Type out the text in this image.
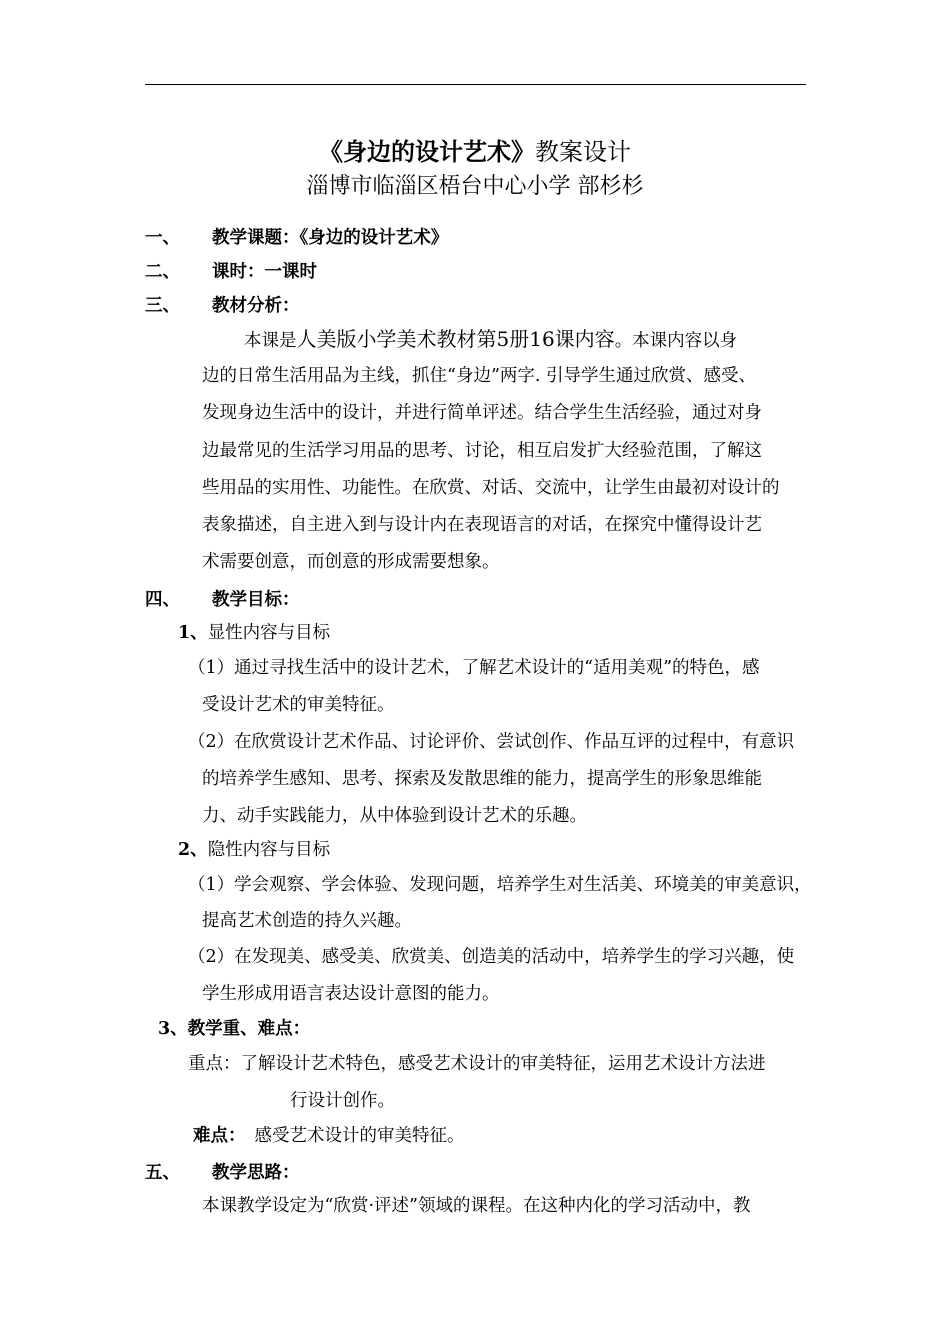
《身边的设计艺术》教案设计
淄博市临淄区梧台中心小学 部杉杉
一、 教学课题：《身边的设计艺术》
二、 课时：一课时
三、 教材分析：
本课是人美版小学美术教材第5册16课内容。本课内容以身
边的日常生活用品为主线，抓住“身边”两字. 引导学生通过欣赏、感受、
发现身边生活中的设计，并进行简单评述。结合学生生活经验，通过对身
边最常见的生活学习用品的思考、讨论，相互启发扩大经验范围，了解这
些用品的实用性、功能性。在欣赏、对话、交流中，让学生由最初对设计的
表象描述，自主进入到与设计内在表现语言的对话，在探究中懂得设计艺
术需要创意，而创意的形成需要想象。
四、 教学目标：
1、显性内容与目标
（1）通过寻找生活中的设计艺术，了解艺术设计的“适用美观”的特色，感
受设计艺术的审美特征。
（2）在欣赏设计艺术作品、讨论评价、尝试创作、作品互评的过程中，有意识
的培养学生感知、思考、探索及发散思维的能力，提高学生的形象思维能
力、动手实践能力，从中体验到设计艺术的乐趣。
2、隐性内容与目标
（1）学会观察、学会体验、发现问题，培养学生对生活美、环境美的审美意识，
提高艺术创造的持久兴趣。
（2）在发现美、感受美、欣赏美、创造美的活动中，培养学生的学习兴趣，使
学生形成用语言表达设计意图的能力。
3、教学重、难点：
重点：了解设计艺术特色，感受艺术设计的审美特征，运用艺术设计方法进
行设计创作。
难点： 感受艺术设计的审美特征。
五、 教学思路：
本课教学设定为“欣赏·评述”领域的课程。在这种内化的学习活动中，教
